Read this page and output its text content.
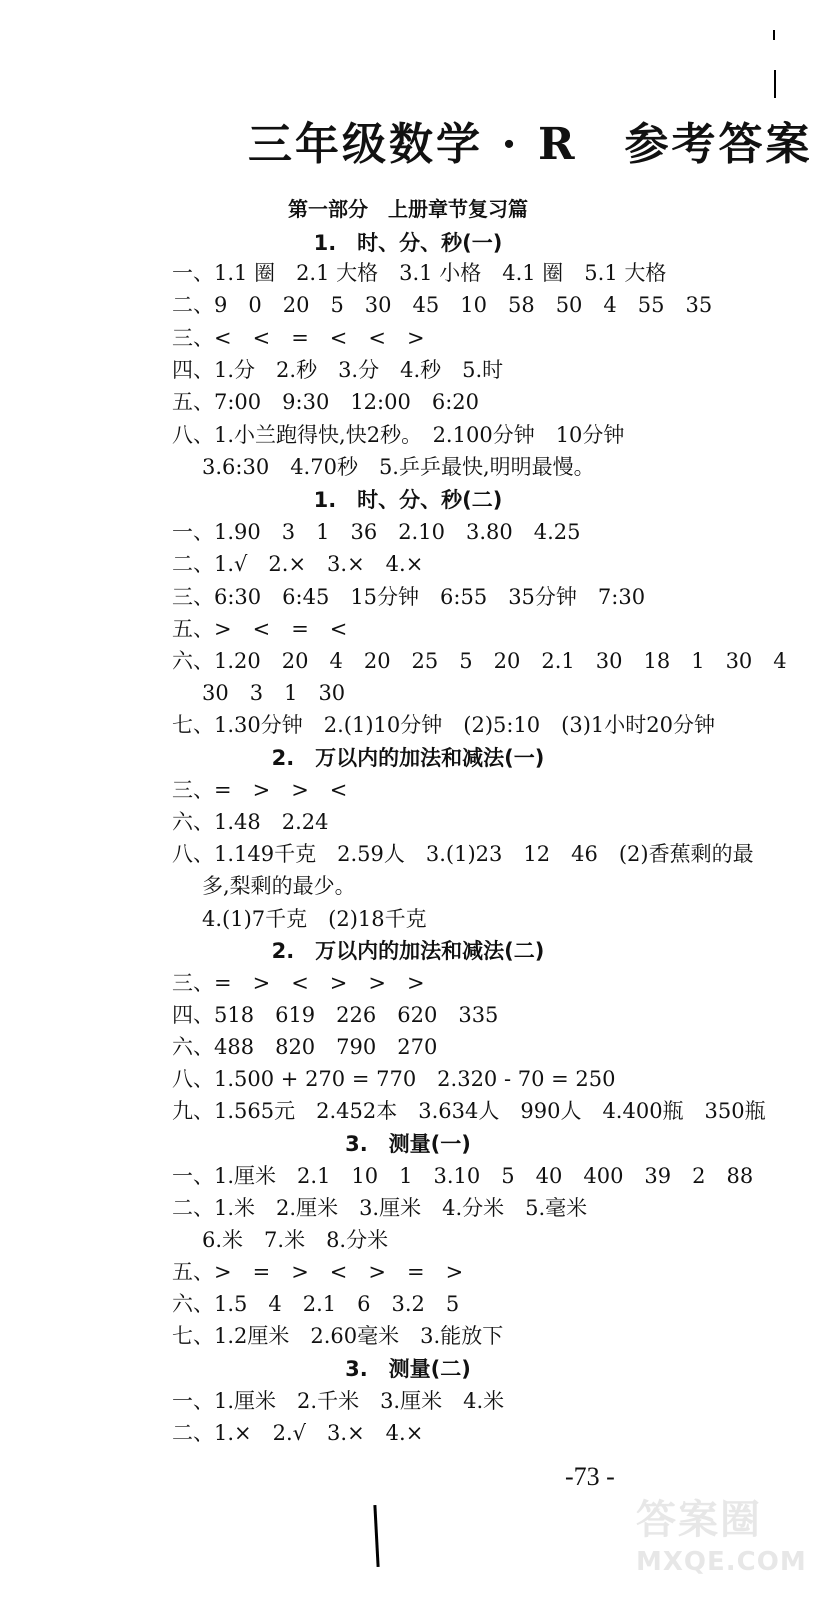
三年级数学 · R　参考答案
第一部分　上册章节复习篇
1.　时、分、秒(一)
一、1.1 圈　2.1 大格　3.1 小格　4.1 圈　5.1 大格
二、9　0　20　5　30　45　10　58　50　4　55　35
三、<　<　=　<　<　>
四、1.分　2.秒　3.分　4.秒　5.时
五、7:00　9:30　12:00　6:20
八、1.小兰跑得快,快2秒。　2.100分钟　10分钟
3.6:30　4.70秒　5.乒乒最快,明明最慢。
1.　时、分、秒(二)
一、1.90　3　1　36　2.10　3.80　4.25
二、1.√　2.×　3.×　4.×
三、6:30　6:45　15分钟　6:55　35分钟　7:30
五、>　<　=　<
六、1.20　20　4　20　25　5　20　2.1　30　18　1　30　4
30　3　1　30
七、1.30分钟　2.(1)10分钟　(2)5:10　(3)1小时20分钟
2.　万以内的加法和减法(一)
三、=　>　>　<
六、1.48　2.24
八、1.149千克　2.59人　3.(1)23　12　46　(2)香蕉剩的最
多,梨剩的最少。
4.(1)7千克　(2)18千克
2.　万以内的加法和减法(二)
三、=　>　<　>　>　>
四、518　619　226　620　335
六、488　820　790　270
八、1.500 + 270 = 770　2.320 - 70 = 250
九、1.565元　2.452本　3.634人　990人　4.400瓶　350瓶
3.　测量(一)
一、1.厘米　2.1　10　1　3.10　5　40　400　39　2　88
二、1.米　2.厘米　3.厘米　4.分米　5.毫米
6.米　7.米　8.分米
五、>　=　>　<　>　=　>
六、1.5　4　2.1　6　3.2　5
七、1.2厘米　2.60毫米　3.能放下
3.　测量(二)
一、1.厘米　2.千米　3.厘米　4.米
二、1.×　2.√　3.×　4.×
-73 -
答案圈
MXQE.COM
